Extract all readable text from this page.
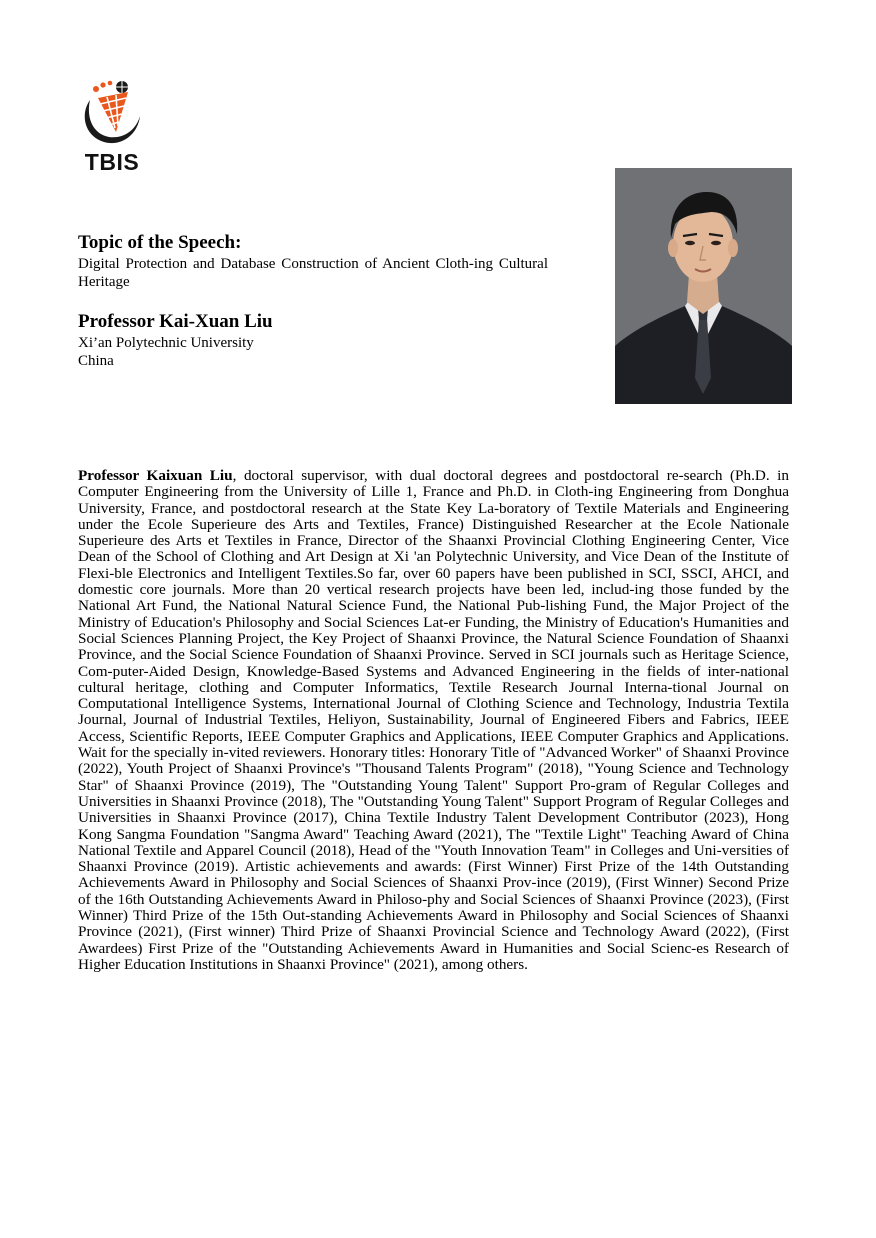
TBIS
Topic of the Speech:
Digital Protection and Database Construction of Ancient Cloth-ing Cultural Heritage
Professor Kai-Xuan Liu
Xi’an Polytechnic University
China
Professor Kaixuan Liu, doctoral supervisor, with dual doctoral degrees and postdoctoral re-search (Ph.D. in Computer Engineering from the University of Lille 1, France and Ph.D. in Cloth-ing Engineering from Donghua University, France, and postdoctoral research at the State Key La-boratory of Textile Materials and Engineering under the Ecole Superieure des Arts and Textiles, France) Distinguished Researcher at the Ecole Nationale Superieure des Arts et Textiles in France, Director of the Shaanxi Provincial Clothing Engineering Center, Vice Dean of the School of Clothing and Art Design at Xi 'an Polytechnic University, and Vice Dean of the Institute of Flexi-ble Electronics and Intelligent Textiles.So far, over 60 papers have been published in SCI, SSCI, AHCI, and domestic core journals. More than 20 vertical research projects have been led, includ-ing those funded by the National Art Fund, the National Natural Science Fund, the National Pub-lishing Fund, the Major Project of the Ministry of Education's Philosophy and Social Sciences Lat-er Funding, the Ministry of Education's Humanities and Social Sciences Planning Project, the Key Project of Shaanxi Province, the Natural Science Foundation of Shaanxi Province, and the Social Science Foundation of Shaanxi Province. Served in SCI journals such as Heritage Science, Com-puter-Aided Design, Knowledge-Based Systems and Advanced Engineering in the fields of inter-national cultural heritage, clothing and Computer Informatics, Textile Research Journal Interna-tional Journal on Computational Intelligence Systems, International Journal of Clothing Science and Technology, Industria Textila Journal, Journal of Industrial Textiles, Heliyon, Sustainability, Journal of Engineered Fibers and Fabrics, IEEE Access, Scientific Reports, IEEE Computer Graphics and Applications, IEEE Computer Graphics and Applications. Wait for the specially in-vited reviewers. Honorary titles: Honorary Title of "Advanced Worker" of Shaanxi Province (2022), Youth Project of Shaanxi Province's "Thousand Talents Program" (2018), "Young Science and Technology Star" of Shaanxi Province (2019), The "Outstanding Young Talent" Support Pro-gram of Regular Colleges and Universities in Shaanxi Province (2018), The "Outstanding Young Talent" Support Program of Regular Colleges and Universities in Shaanxi Province (2017), China Textile Industry Talent Development Contributor (2023), Hong Kong Sangma Foundation "Sangma Award" Teaching Award (2021), The "Textile Light" Teaching Award of China National Textile and Apparel Council (2018), Head of the "Youth Innovation Team" in Colleges and Uni-versities of Shaanxi Province (2019). Artistic achievements and awards: (First Winner) First Prize of the 14th Outstanding Achievements Award in Philosophy and Social Sciences of Shaanxi Prov-ince (2019), (First Winner) Second Prize of the 16th Outstanding Achievements Award in Philoso-phy and Social Sciences of Shaanxi Province (2023), (First Winner) Third Prize of the 15th Out-standing Achievements Award in Philosophy and Social Sciences of Shaanxi Province (2021), (First winner) Third Prize of Shaanxi Provincial Science and Technology Award (2022), (First Awardees) First Prize of the "Outstanding Achievements Award in Humanities and Social Scienc-es Research of Higher Education Institutions in Shaanxi Province" (2021), among others.
